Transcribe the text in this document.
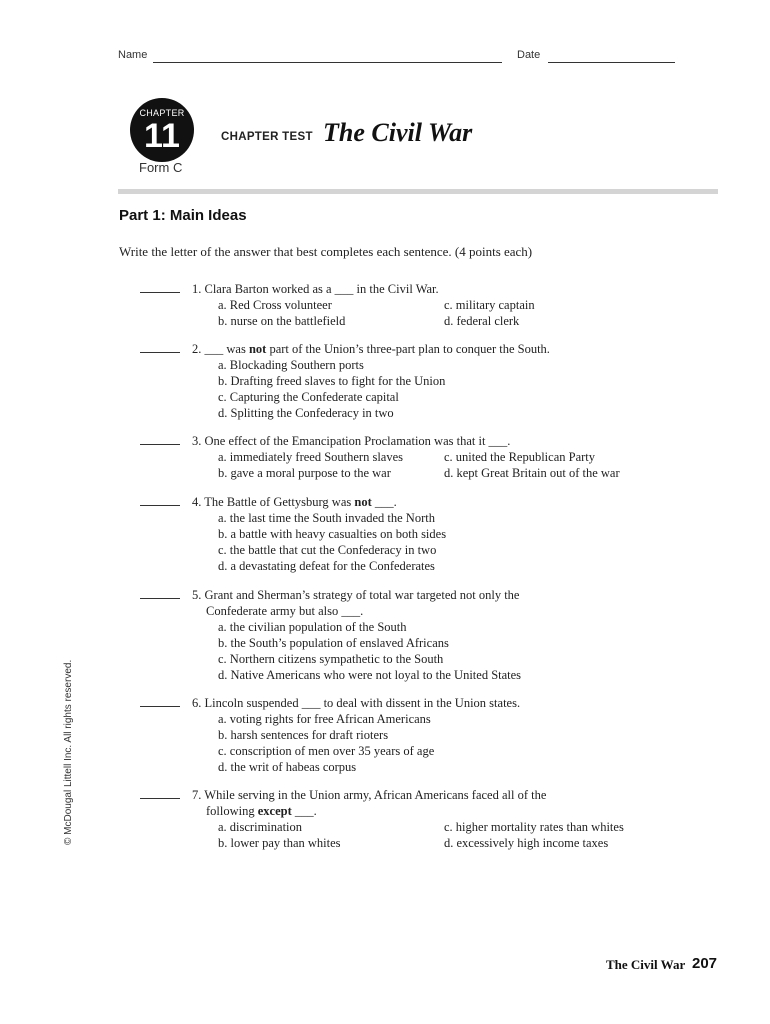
Name	Date
CHAPTER
11
Form C
CHAPTER TEST The Civil War
Part 1: Main Ideas
Write the letter of the answer that best completes each sentence. (4 points each)
1. Clara Barton worked as a ___ in the Civil War.
a. Red Cross volunteer
b. nurse on the battlefield
c. military captain
d. federal clerk
2. ___ was not part of the Union’s three-part plan to conquer the South.
a. Blockading Southern ports
b. Drafting freed slaves to fight for the Union
c. Capturing the Confederate capital
d. Splitting the Confederacy in two
3. One effect of the Emancipation Proclamation was that it ___.
a. immediately freed Southern slaves
b. gave a moral purpose to the war
c. united the Republican Party
d. kept Great Britain out of the war
4. The Battle of Gettysburg was not ___.
a. the last time the South invaded the North
b. a battle with heavy casualties on both sides
c. the battle that cut the Confederacy in two
d. a devastating defeat for the Confederates
5. Grant and Sherman’s strategy of total war targeted not only the
Confederate army but also ___.
a. the civilian population of the South
b. the South’s population of enslaved Africans
c. Northern citizens sympathetic to the South
d. Native Americans who were not loyal to the United States
6. Lincoln suspended ___ to deal with dissent in the Union states.
a. voting rights for free African Americans
b. harsh sentences for draft rioters
c. conscription of men over 35 years of age
d. the writ of habeas corpus
7. While serving in the Union army, African Americans faced all of the
following except ___.
a. discrimination
b. lower pay than whites
c. higher mortality rates than whites
d. excessively high income taxes
© McDougal Littell Inc. All rights reserved.
The Civil War 207
